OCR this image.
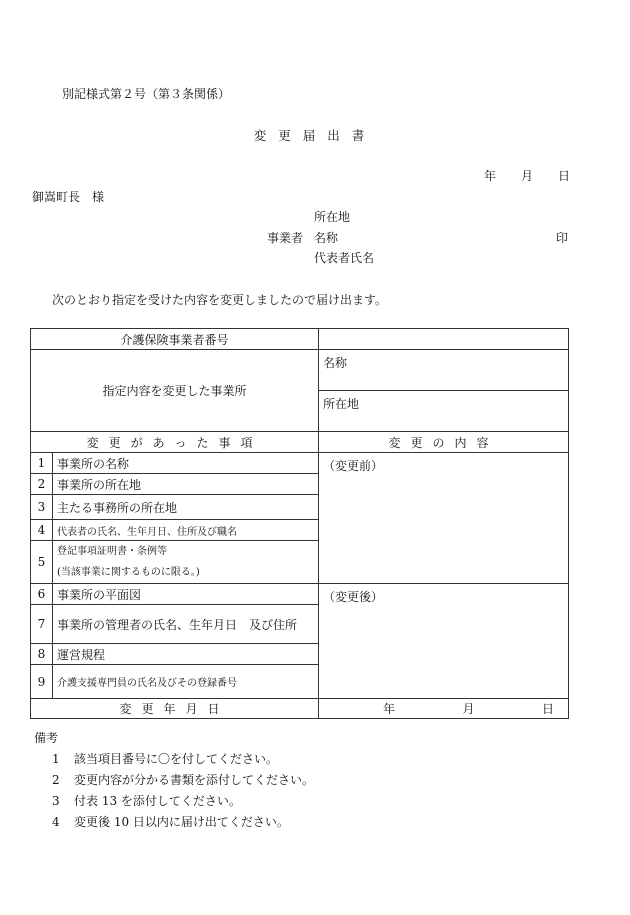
別記様式第２号（第３条関係）
変更届出書
年 月 日
御嵩町長　様
所在地
事業者 名称	印
代表者氏名
次のとおり指定を受けた内容を変更しましたので届け出ます。
介護保険事業者番号		
指定内容を変更した事業所		名称
		所在地
変更があった事項		変更の内容
1	事業所の名称	（変更前）
2	事業所の所在地	
3	主たる事務所の所在地	
4	代表者の氏名、生年月日、住所及び職名	
5	登記事項証明書・条例等
(当該事業に関するものに限る。)	

6	事業所の平面図	（変更後）
7	事業所の管理者の氏名、生年月日　及び住所	
8	運営規程	
9	介護支援専門員の氏名及びその登録番号	
変更年月日		年 月 日
備考
1 該当項目番号に〇を付してください。
2 変更内容が分かる書類を添付してください。
3 付表 13 を添付してください。
4 変更後 10 日以内に届け出てください。
